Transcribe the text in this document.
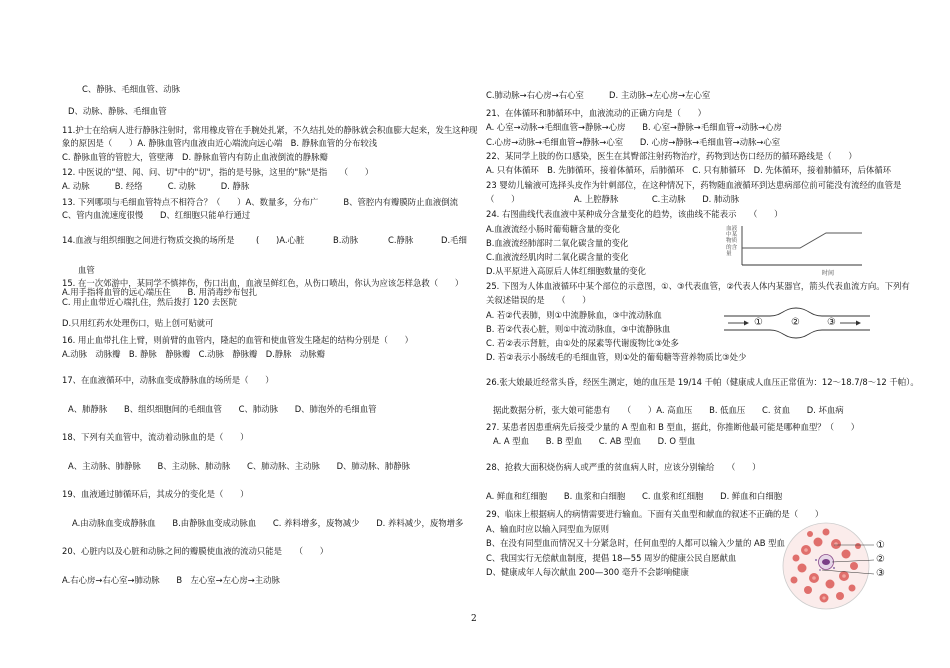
C、静脉、毛细血管、动脉
D、动脉、静脉、毛细血管
11.护士在给病人进行静脉注射时，常用橡皮管在手腕处扎紧，不久结扎处的静脉就会积血膨大起来，发生这种现
象的原因是（　　）A. 静脉血管内血液由近心端流向远心端　B. 静脉血管的分布较浅
C. 静脉血管的管腔大，管壁薄　D. 静脉血管内有防止血液倒流的静脉瓣
12. 中医说的"望、闻、问、切"中的"切"，指的是号脉，这里的"脉"是指　　（　　）
A. 动脉　　　B. 经络　　　C. 动脉　　　D. 静脉
13. 下列哪项与毛细血管特点不相符合？（　　）A、数量多，分布广　　　B、管腔内有瓣膜防止血液倒流
C、管内血流速度很慢　　D、红细胞只能单行通过
14.血液与组织细胞之间进行物质交换的场所是	(　　)A.心脏	B.动脉	C.静脉	D.毛细
血管
15. 在一次郊游中，某同学不慎摔伤，伤口出血，血液呈鲜红色，从伤口喷出，你认为应该怎样急救（　　）
A.用手指将血管的远心端压住　　B. 用消毒纱布包扎
C. 用止血带近心端扎住，然后拨打 120 去医院
D.只用红药水处理伤口，贴上创可贴就可
16. 用止血带扎住上臂，则前臂的血管内，隆起的血管和使血管发生隆起的结构分别是（　　）
A.动脉　动脉瓣　B. 静脉　静脉瓣　C.动脉　静脉瓣　D.静脉　动脉瓣
17、在血液循环中，动脉血变成静脉血的场所是（　　）
A、肺静脉　　B、组织细胞间的毛细血管　　C、肺动脉　　D、肺泡外的毛细血管
18、下列有关血管中，流动着动脉血的是（　　）
A、主动脉、肺静脉　　B、主动脉、肺动脉　　C、肺动脉、主动脉　　D、肺动脉、肺静脉
19、血液通过肺循环后，其成分的变化是（　　）
A.由动脉血变成静脉血　　B.由静脉血变成动脉血　　C. 养料增多，废物减少　　D. 养料减少，废物增多
20、心脏内以及心脏和动脉之间的瓣膜使血液的流动只能是　　（　　）
A.右心房→右心室→肺动脉　　B　左心室→左心房→主动脉
C.肺动脉→右心房→右心室　　　D. 主动脉→左心房→左心室
21、在体循环和肺循环中，血液流动的正确方向是（　　）
A. 心室→动脉→毛细血管→静脉→心房　　B. 心室→静脉→毛细血管→动脉→心房
C.心房→动脉→毛细血管→静脉→心室　　D. 心房→静脉→毛细血管→动脉→心室
22、某同学上肢的伤口感染，医生在其臀部注射药物治疗，药物到达伤口经历的循环路线是（　　）
A. 只有体循环　B. 先肺循环，接着体循环，后肺循环　C. 只有肺循环　D. 先体循环，接着肺循环，后体循环
23 婴幼儿输液可选择头皮作为针刺部位，在这种情况下，药物随血液循环到达患病部位前可能没有流经的血管是
（　　）　　　　　　　A. 上腔静脉　　　　C.主动脉　　D. 肺动脉
24. 右图曲线代表血液中某种成分含量变化的趋势，该曲线不能表示　　（　　）
A.血液流经小肠时葡萄糖含量的变化
B.血液流经肺部时二氧化碳含量的变化
C.血液流经肌肉时二氧化碳含量的变化
D.从平原进入高原后人体红细胞数量的变化
血液中某物质的含量
时间
25. 下图为人体血液循环中某个部位的示意图，①、③代表血管，②代表人体内某器官，箭头代表血流方向。下列有
关叙述错误的是　　（　　）
A. 若②代表肺，则①中流静脉血，③中流动脉血
B. 若②代表心脏，则①中流动脉血，③中流静脉血
C. 若②表示肾脏，由①处的尿素等代谢废物比③处多
D. 若②表示小肠绒毛的毛细血管，则①处的葡萄糖等营养物质比③处少
①	②	③
26.张大娘最近经常头昏，经医生测定，她的血压是 19/14 千帕（健康成人血压正常值为：12～18.7/8～12 千帕）。
据此数据分析，张大娘可能患有　　（　　）A. 高血压　　B. 低血压　　C. 贫血　　D. 坏血病
27. 某患者因患重病先后接受少量的 A 型血和 B 型血，据此，你推断他最可能是哪种血型？（　　）
A. A 型血　　B. B 型血　　C. AB 型血　　D. O 型血
28、抢救大面积烧伤病人或严重的贫血病人时，应该分别输给　　（　　）
A. 鲜血和红细胞　　B. 血浆和白细胞　　C. 血浆和红细胞　　D. 鲜血和白细胞
29、临床上根据病人的病情需要进行输血。下面有关血型和献血的叙述不正确的是（　　）
A、输血时应以输入同型血为原则
B、在没有同型血而情况又十分紧急时，任何血型的人都可以输入少量的 AB 型血
C、我国实行无偿献血制度，提倡 18—55 周岁的健康公民自愿献血
D、健康成年人每次献血 200—300 毫升不会影响健康
①
②
③
2
